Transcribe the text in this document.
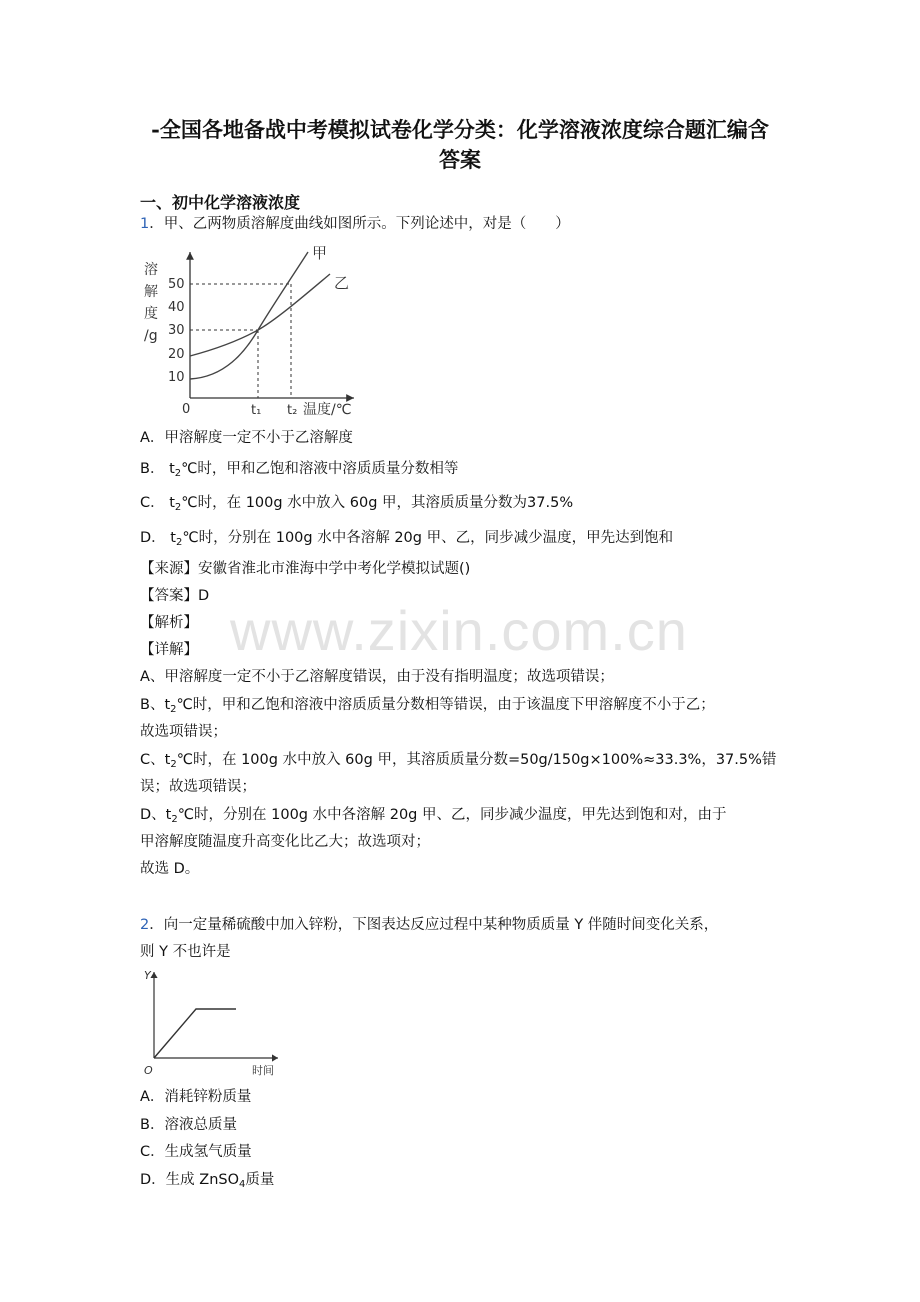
-全国各地备战中考模拟试卷化学分类：化学溶液浓度综合题汇编含
答案
一、初中化学溶液浓度
www.zixin.com.cn
1．甲、乙两物质溶解度曲线如图所示。下列论述中，对是（　　）
溶
解
度
/g
50
40
30
20
10
甲
乙
0	t₁ t₂ 温度/℃
A．甲溶解度一定不小于乙溶解度
B． $t_2℃$时，甲和乙饱和溶液中溶质质量分数相等
C． $t_2℃$时，在 100g 水中放入 60g 甲，其溶质质量分数为37.5%
D． $t_2℃$时，分别在 100g 水中各溶解 20g 甲、乙，同步减少温度，甲先达到饱和
【来源】安徽省淮北市淮海中学中考化学模拟试题()
【答案】D
【解析】
【详解】
A、甲溶解度一定不小于乙溶解度错误，由于没有指明温度；故选项错误；
B、$t_2℃$时，甲和乙饱和溶液中溶质质量分数相等错误，由于该温度下甲溶解度不小于乙；
故选项错误；
C、$t_2℃$时，在 100g 水中放入 60g 甲，其溶质质量分数=50g/150g×100%≈33.3%，37.5%错
误；故选项错误；
D、$t_2℃$时，分别在 100g 水中各溶解 20g 甲、乙，同步减少温度，甲先达到饱和对，由于
甲溶解度随温度升高变化比乙大；故选项对；
故选 D。
2．向一定量稀硫酸中加入锌粉，下图表达反应过程中某种物质质量 Y 伴随时间变化关系，
则 Y 不也许是
Y
O	时间
A．消耗锌粉质量
B．溶液总质量
C．生成氢气质量
D．生成 ZnSO$_4$质量
